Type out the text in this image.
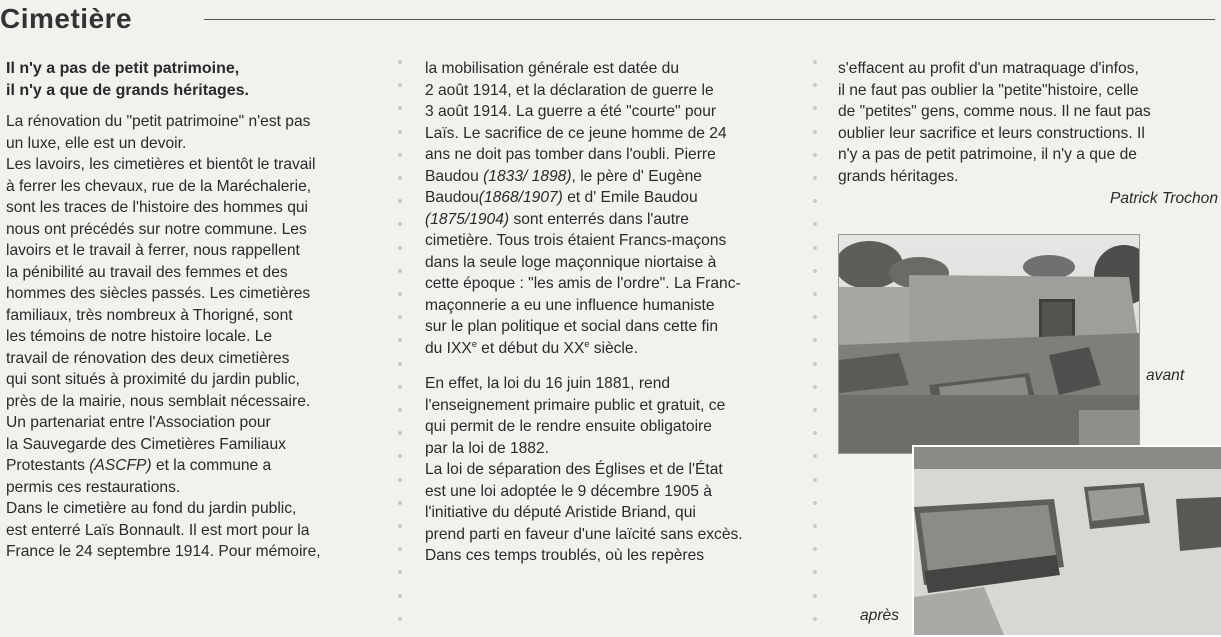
Cimetière

Il n'y a pas de petit patrimoine,
il n'y a que de grands héritages.

La rénovation du "petit patrimoine" n'est pas
un luxe, elle est un devoir.
Les lavoirs, les cimetières et bientôt le travail
à ferrer les chevaux, rue de la Maréchalerie,
sont les traces de l'histoire des hommes qui
nous ont précédés sur notre commune. Les
lavoirs et le travail à ferrer, nous rappellent
la pénibilité au travail des femmes et des
hommes des siècles passés. Les cimetières
familiaux, très nombreux à Thorigné, sont
les témoins de notre histoire locale. Le
travail de rénovation des deux cimetières
qui sont situés à proximité du jardin public,
près de la mairie, nous semblait nécessaire.
Un partenariat entre l'Association pour
la Sauvegarde des Cimetières Familiaux
Protestants (ASCFP) et la commune a
permis ces restaurations.
Dans le cimetière au fond du jardin public,
est enterré Laïs Bonnault. Il est mort pour la
France le 24 septembre 1914. Pour mémoire,

la mobilisation générale est datée du
2 août 1914, et la déclaration de guerre le
3 août 1914. La guerre a été "courte" pour
Laïs. Le sacrifice de ce jeune homme de 24
ans ne doit pas tomber dans l'oubli. Pierre
Baudou (1833/ 1898), le père d' Eugène
Baudou(1868/1907) et d' Emile Baudou
(1875/1904) sont enterrés dans l'autre
cimetière. Tous trois étaient Francs-maçons
dans la seule loge maçonnique niortaise à
cette époque : "les amis de l'ordre". La Franc-
maçonnerie a eu une influence humaniste
sur le plan politique et social dans cette fin
du IXXe et début du XXe siècle.

En effet, la loi du 16 juin 1881, rend
l'enseignement primaire public et gratuit, ce
qui permit de le rendre ensuite obligatoire
par la loi de 1882.
La loi de séparation des Églises et de l'État
est une loi adoptée le 9 décembre 1905 à
l'initiative du député Aristide Briand, qui
prend parti en faveur d'une laïcité sans excès.
Dans ces temps troublés, où les repères

s'effacent au profit d'un matraquage d'infos,
il ne faut pas oublier la "petite"histoire, celle
de "petites" gens, comme nous. Il ne faut pas
oublier leur sacrifice et leurs constructions. Il
n'y a pas de petit patrimoine, il n'y a que de
grands héritages.

Patrick Trochon

avant
après
